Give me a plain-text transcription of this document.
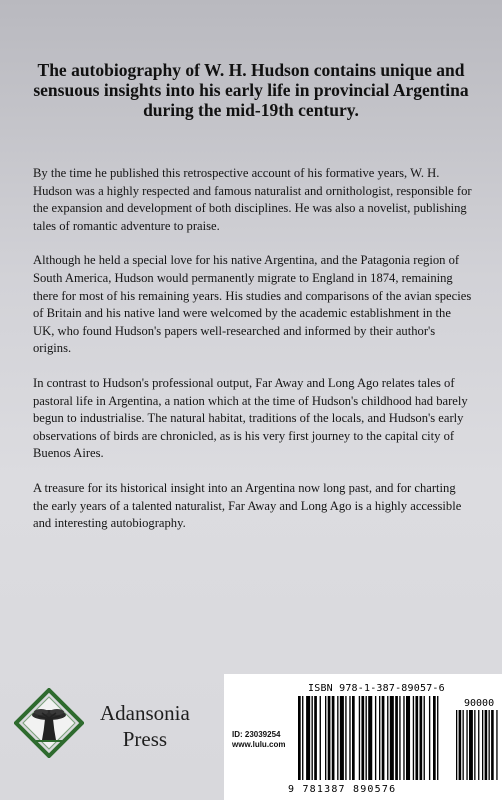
The autobiography of W. H. Hudson contains unique and sensuous insights into his early life in provincial Argentina during the mid-19th century.

By the time he published this retrospective account of his formative years, W. H. Hudson was a highly respected and famous naturalist and ornithologist, responsible for the expansion and development of both disciplines. He was also a novelist, publishing tales of romantic adventure to praise.

Although he held a special love for his native Argentina, and the Patagonia region of South America, Hudson would permanently migrate to England in 1874, remaining there for most of his remaining years. His studies and comparisons of the avian species of Britain and his native land were welcomed by the academic establishment in the UK, who found Hudson's papers well-researched and informed by their author's origins.

In contrast to Hudson's professional output, Far Away and Long Ago relates tales of pastoral life in Argentina, a nation which at the time of Hudson's childhood had barely begun to industrialise. The natural habitat, traditions of the locals, and Hudson's early observations of birds are chronicled, as is his very first journey to the capital city of Buenos Aires.

A treasure for its historical insight into an Argentina now long past, and for charting the early years of a talented naturalist, Far Away and Long Ago is a highly accessible and interesting autobiography.

Adansonia
Press
ISBN 978-1-387-89057-6
90000
ID: 23039254
www.lulu.com
9 781387 890576
